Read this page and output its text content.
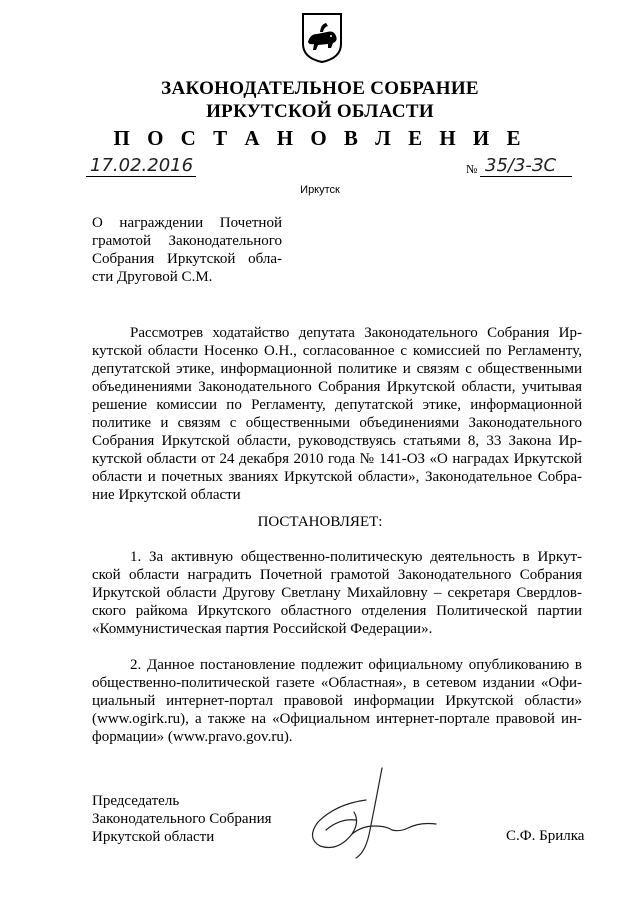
ЗАКОНОДАТЕЛЬНОЕ СОБРАНИЕ
ИРКУТСКОЙ ОБЛАСТИ
П О С Т А Н О В Л Е Н И Е
17.02.2016	№ 35/3-ЗС
Иркутск
О награждении Почетной
грамотой Законодательного
Собрания Иркутской обла-
сти Друговой С.М.
Рассмотрев ходатайство депутата Законодательного Собрания Ир-
кутской области Носенко О.Н., согласованное с комиссией по Регламенту,
депутатской этике, информационной политике и связям с общественными
объединениями Законодательного Собрания Иркутской области, учитывая
решение комиссии по Регламенту, депутатской этике, информационной
политике и связям с общественными объединениями Законодательного
Собрания Иркутской области, руководствуясь статьями 8, 33 Закона Ир-
кутской области от 24 декабря 2010 года № 141-ОЗ «О наградах Иркутской
области и почетных званиях Иркутской области», Законодательное Собра-
ние Иркутской области
ПОСТАНОВЛЯЕТ:
1. За активную общественно-политическую деятельность в Иркут-
ской области наградить Почетной грамотой Законодательного Собрания
Иркутской области Другову Светлану Михайловну – секретаря Свердлов-
ского райкома Иркутского областного отделения Политической партии
«Коммунистическая партия Российской Федерации».
2. Данное постановление подлежит официальному опубликованию в
общественно-политической газете «Областная», в сетевом издании «Офи-
циальный интернет-портал правовой информации Иркутской области»
(www.ogirk.ru), а также на «Официальном интернет-портале правовой ин-
формации» (www.pravo.gov.ru).
Председатель
Законодательного Собрания
Иркутской области	С.Ф. Брилка
